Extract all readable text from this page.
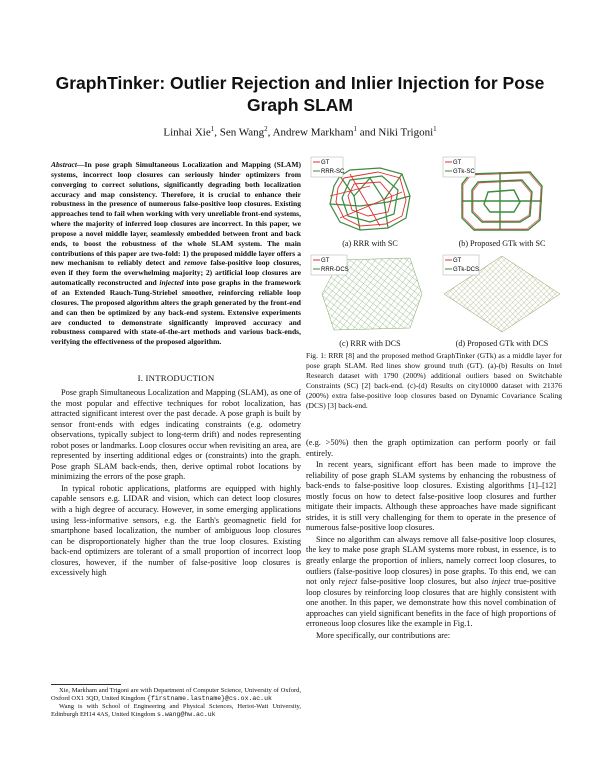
GraphTinker: Outlier Rejection and Inlier Injection for Pose Graph SLAM
Linhai Xie$^1$, Sen Wang$^2$, Andrew Markham$^1$ and Niki Trigoni$^1$
Abstract—In pose graph Simultaneous Localization and Mapping (SLAM) systems, incorrect loop closures can seriously hinder optimizers from converging to correct solutions, significantly degrading both localization accuracy and map consistency. Therefore, it is crucial to enhance their robustness in the presence of numerous false-positive loop closures. Existing approaches tend to fail when working with very unreliable front-end systems, where the majority of inferred loop closures are incorrect. In this paper, we propose a novel middle layer, seamlessly embedded between front and back ends, to boost the robustness of the whole SLAM system. The main contributions of this paper are two-fold: 1) the proposed middle layer offers a new mechanism to reliably detect and remove false-positive loop closures, even if they form the overwhelming majority; 2) artificial loop closures are automatically reconstructed and injected into pose graphs in the framework of an Extended Rauch-Tung-Striebel smoother, reinforcing reliable loop closures. The proposed algorithm alters the graph generated by the front-end and can then be optimized by any back-end system. Extensive experiments are conducted to demonstrate significantly improved accuracy and robustness compared with state-of-the-art methods and various back-ends, verifying the effectiveness of the proposed algorithm.
I. INTRODUCTION

Pose graph Simultaneous Localization and Mapping (SLAM), as one of the most popular and effective techniques for robot localization, has attracted significant interest over the past decade. A pose graph is built by sensor front-ends with edges indicating constraints (e.g. odometry observations, typically subject to long-term drift) and nodes representing robot poses or landmarks. Loop closures occur when revisiting an area, are represented by inserting additional edges or (constraints) into the graph. Pose graph SLAM back-ends, then, derive optimal robot locations by minimizing the errors of the pose graph.

In typical robotic applications, platforms are equipped with highly capable sensors e.g. LIDAR and vision, which can detect loop closures with a high degree of accuracy. However, in some emerging applications using less-informative sensors, e.g. the Earth's geomagnetic field for smartphone based localization, the number of ambiguous loop closures can be disproportionately higher than the true loop closures. Existing back-end optimizers are tolerant of a small proportion of incorrect loop closures, however, if the number of false-positive loop closures is excessively high

Xie, Markham and Trigoni are with Department of Computer Science, University of Oxford, Oxford OX1 3QD, United Kingdom {firstname.lastname}@cs.ox.ac.uk
Wang is with School of Engineering and Physical Sciences, Heriot-Watt University, Edinburgh EH14 4AS, United Kingdom s.wang@hw.ac.uk
GT
RRR-SC
(a) RRR with SC
GT
GTk-SC
(b) Proposed GTk with SC
GT
RRR-DCS
(c) RRR with DCS
GT
GTk-DCS
(d) Proposed GTk with DCS
Fig. 1: RRR [8] and the proposed method GraphTinker (GTk) as a middle layer for pose graph SLAM. Red lines show ground truth (GT). (a)-(b) Results on Intel Research dataset with 1790 (200%) additional outliers based on Switchable Constraints (SC) [2] back-end. (c)-(d) Results on city10000 dataset with 21376 (200%) extra false-positive loop closures based on Dynamic Covariance Scaling (DCS) [3] back-end.

(e.g. >50%) then the graph optimization can perform poorly or fail entirely.

In recent years, significant effort has been made to improve the reliability of pose graph SLAM systems by enhancing the robustness of back-ends to false-positive loop closures. Existing algorithms [1]–[12] mostly focus on how to detect false-positive loop closures and further mitigate their impacts. Although these approaches have made significant strides, it is still very challenging for them to operate in the presence of numerous false-positive loop closures.

Since no algorithm can always remove all false-positive loop closures, the key to make pose graph SLAM systems more robust, in essence, is to greatly enlarge the proportion of inliers, namely correct loop closures, to outliers (false-positive loop closures) in pose graphs. To this end, we can not only reject false-positive loop closures, but also inject true-positive loop closures by reinforcing loop closures that are highly consistent with one another. In this paper, we demonstrate how this novel combination of approaches can yield significant benefits in the face of high proportions of erroneous loop closures like the example in Fig.1.

More specifically, our contributions are:
